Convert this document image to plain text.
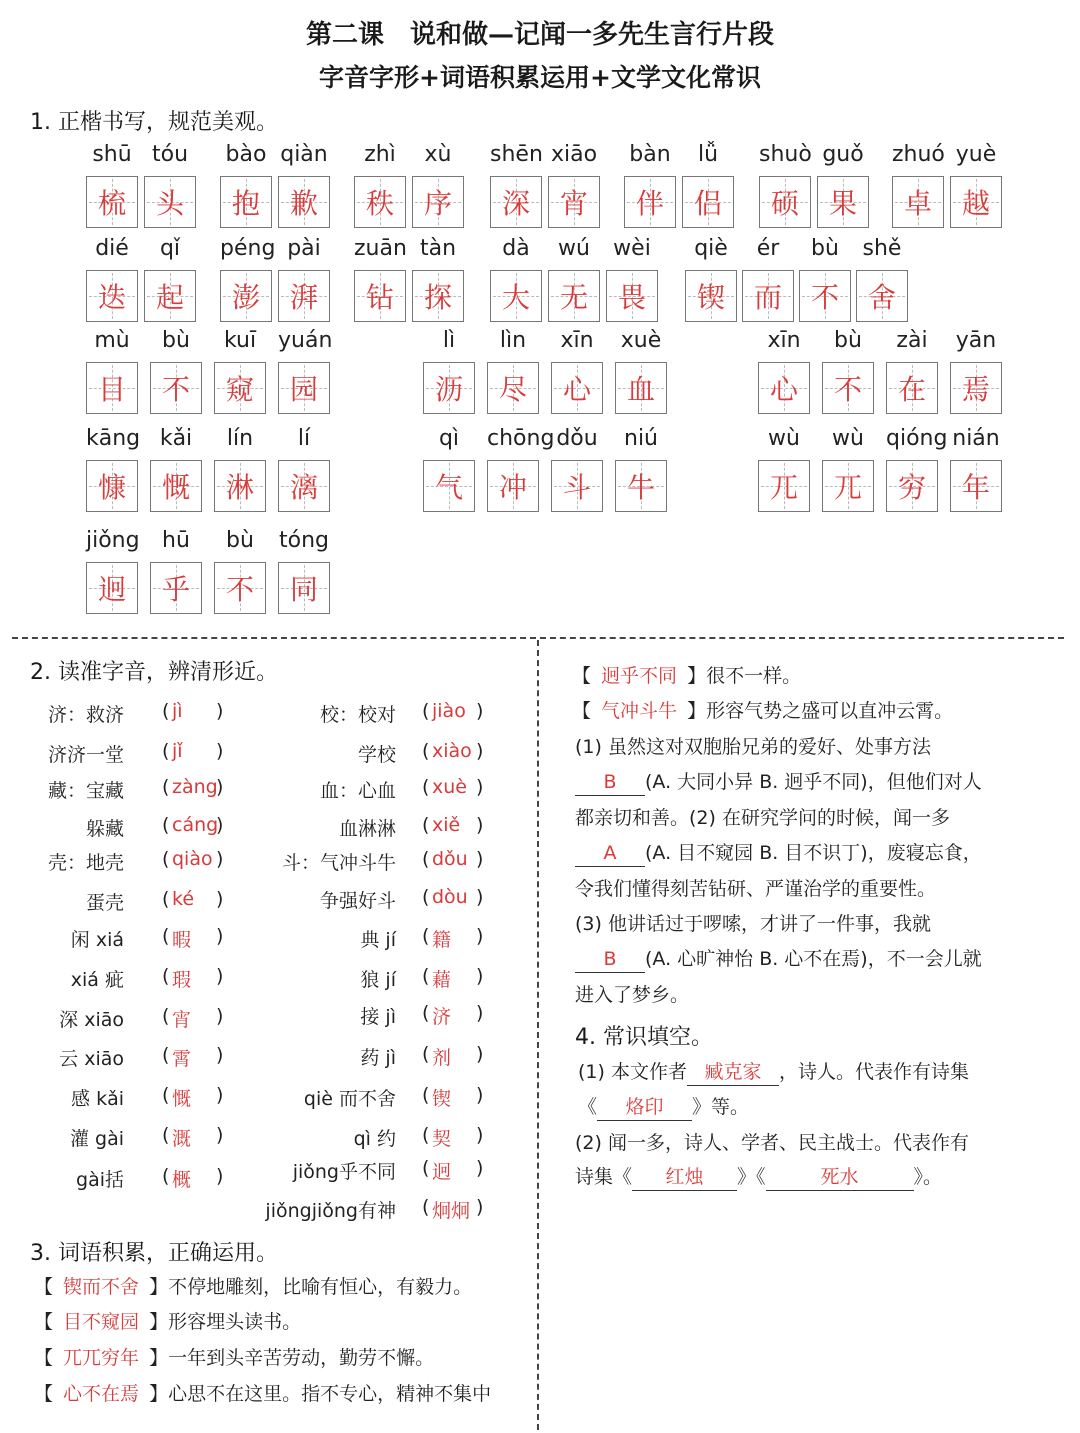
第二课　说和做—记闻一多先生言行片段
字音字形+词语积累运用+文学文化常识
1. 正楷书写，规范美观。
shū
梳
tóu
头
bào
抱
qiàn
歉
zhì
秩
xù
序
shēn
深
xiāo
宵
bàn
伴
lǚ
侣
shuò
硕
guǒ
果
zhuó
卓
yuè
越
dié
迭
qǐ
起
péng
澎
pài
湃
zuān
钻
tàn
探
dà
大
wú
无
wèi
畏
qiè
锲
ér
而
bù
不
shě
舍
mù
目
bù
不
kuī
窥
yuán
园
lì
沥
lìn
尽
xīn
心
xuè
血
xīn
心
bù
不
zài
在
yān
焉
kāng
慷
kǎi
慨
lín
淋
lí
漓
qì
气
chōng
冲
dǒu
斗
niú
牛
wù
兀
wù
兀
qióng
穷
nián
年
jiǒng
迥
hū
乎
bù
不
tóng
同
2. 读准字音，辨清形近。
济：救济 ( jì )
济济一堂 ( jǐ )
藏：宝藏 ( zàng
)
躲藏 ( cáng
)
壳：地壳 ( qiào )
蛋壳 ( ké )
闲 xiá ( 暇 )
xiá 疵 ( 瑕 )
深 xiāo ( 宵 )
云 xiāo ( 霄 )
感 kǎi ( 慨 )
灌 gài ( 溉 )
gài括 ( 概 )
校：校对 ( jiào )
学校 ( xiào )
血：心血 ( xuè )
血淋淋 ( xiě )
斗：气冲斗牛 ( dǒu )
争强好斗 ( dòu )
典 jí ( 籍 )
狼 jí ( 藉 )
接 jì ( 济 )
药 jì ( 剂 )
qiè 而不舍 ( 锲 )
qì 约 ( 契 )
jiǒng乎不同 ( 迥 )
jiǒngjiǒng有神 ( 炯炯 )
3. 词语积累，正确运用。
【 锲而不舍 】不停地雕刻，比喻有恒心，有毅力。
【 目不窥园 】形容埋头读书。
【 兀兀穷年 】一年到头辛苦劳动，勤劳不懈。
【 心不在焉 】心思不在这里。指不专心，精神不集中
【 迥乎不同 】很不一样。
【 气冲斗牛 】形容气势之盛可以直冲云霄。
(1) 虽然这对双胞胎兄弟的爱好、处事方法
B (A. 大同小异 B. 迥乎不同)，但他们对人
都亲切和善。(2) 在研究学问的时候，闻一多
A (A. 目不窥园 B. 目不识丁)，废寝忘食，
令我们懂得刻苦钻研、严谨治学的重要性。
(3) 他讲话过于啰嗦，才讲了一件事，我就
B (A. 心旷神怡 B. 心不在焉)，不一会儿就
进入了梦乡。
4. 常识填空。
(1) 本文作者 臧克家 ，诗人。代表作有诗集
《 烙印 》等。
(2) 闻一多，诗人、学者、民主战士。代表作有
诗集《 红烛 》《	死水	》。
